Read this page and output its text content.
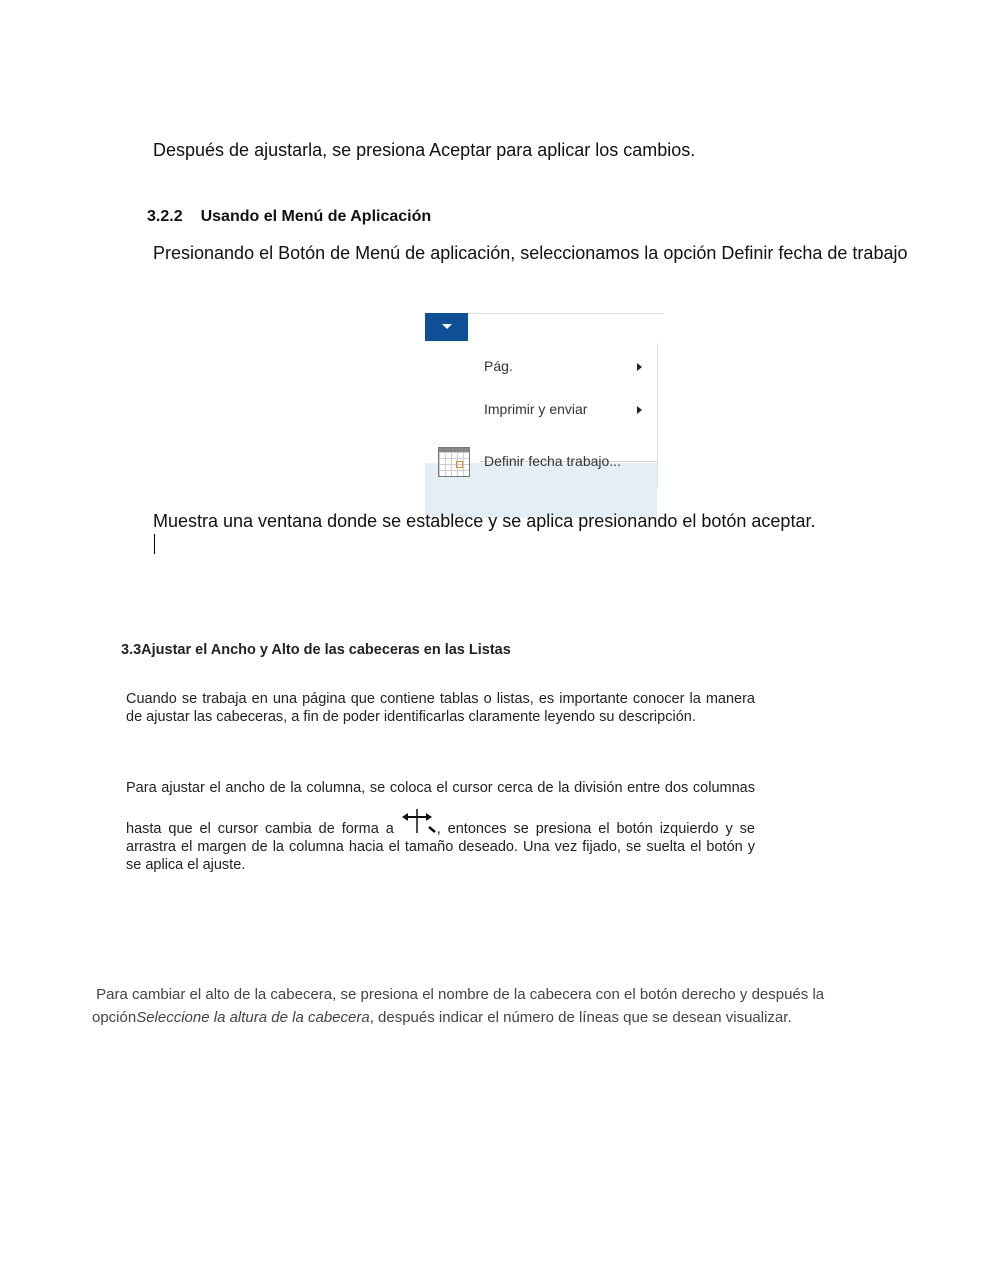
Después de ajustarla, se presiona Aceptar para aplicar los cambios.
3.2.2 Usando el Menú de Aplicación
Presionando el Botón de Menú de aplicación, seleccionamos la opción Definir fecha de trabajo
Pág.
Imprimir y enviar
Definir fecha trabajo...
Muestra una ventana donde se establece y se aplica presionando el botón aceptar.
3.3Ajustar el Ancho y Alto de las cabeceras en las Listas
Cuando se trabaja en una página que contiene tablas o listas, es importante conocer la manera de ajustar las cabeceras, a fin de poder identificarlas claramente leyendo su descripción.
Para ajustar el ancho de la columna, se coloca el cursor cerca de la división entre dos columnas hasta que el cursor cambia de forma a	, entonces se presiona el botón izquierdo y se arrastra el margen de la columna hacia el tamaño deseado. Una vez fijado, se suelta el botón y se aplica el ajuste.
Para cambiar el alto de la cabecera, se presiona el nombre de la cabecera con el botón derecho y después la opciónSeleccione la altura de la cabecera, después indicar el número de líneas que se desean visualizar.
